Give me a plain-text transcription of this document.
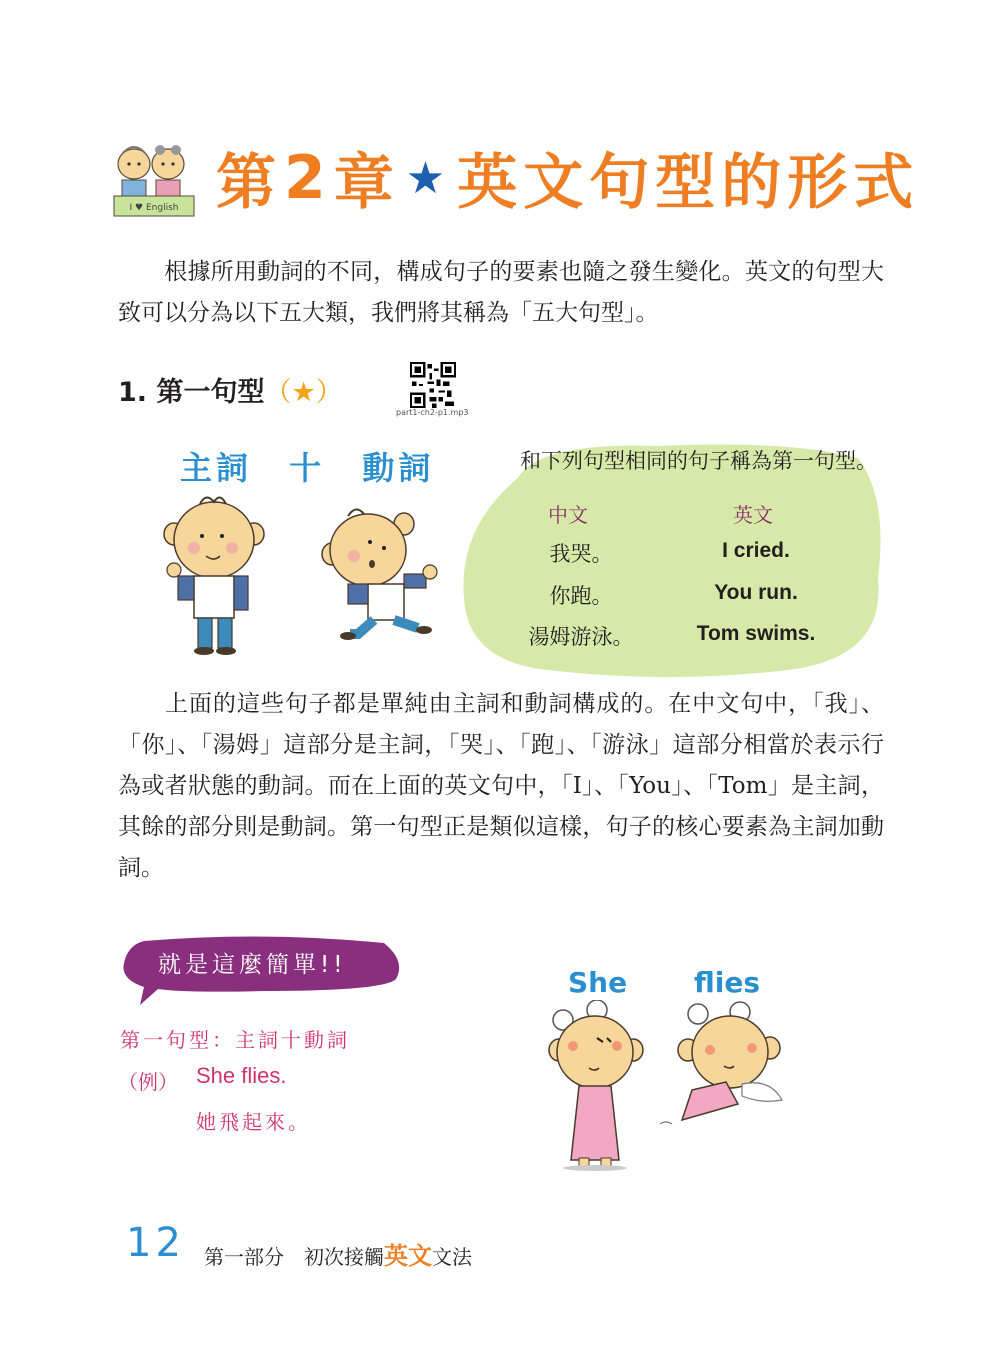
I ♥ English 第 2 章 ★ 英文句型的形式
根據所用動詞的不同，構成句子的要素也隨之發生變化。英文的句型大致可以分為以下五大類，我們將其稱為「五大句型」。
1. 第一句型（★）
part1-ch2-p1.mp3
主詞 十 動詞	和下列句型相同的句子稱為第一句型。
中文	英文
我哭。	I cried.
你跑。	You run.
湯姆游泳。	Tom swims.
上面的這些句子都是單純由主詞和動詞構成的。在中文句中，「我」、「你」、「湯姆」這部分是主詞，「哭」、「跑」、「游泳」這部分相當於表示行為或者狀態的動詞。而在上面的英文句中，「I」、「You」、「Tom」是主詞，其餘的部分則是動詞。第一句型正是類似這樣，句子的核心要素為主詞加動詞。
就是這麼簡單!!
第一句型：主詞十動詞
（例） She flies.
她飛起來。
She flies
12 第一部分　初次接觸英文文法
